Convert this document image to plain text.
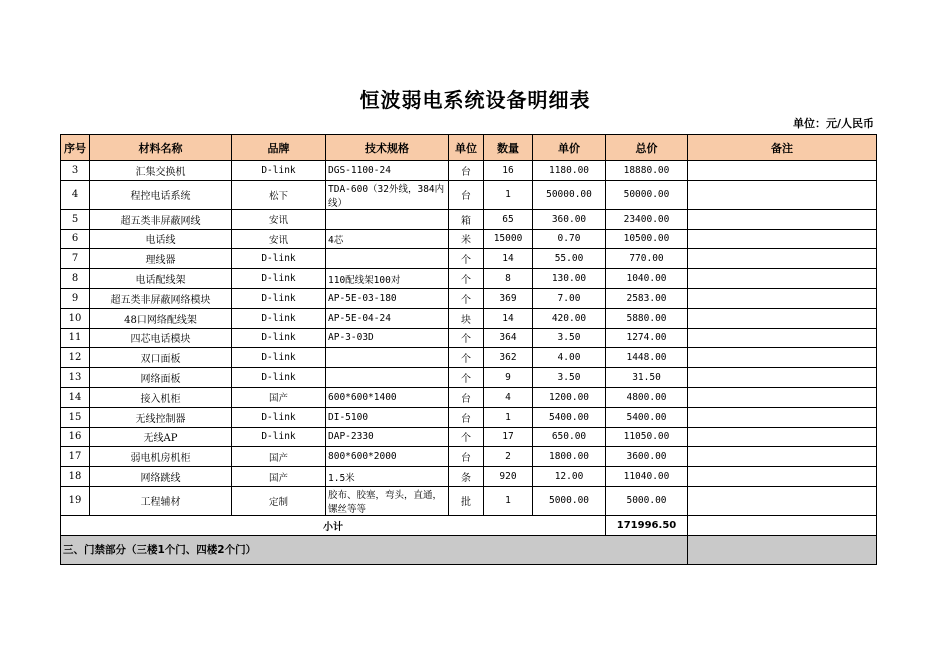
恒波弱电系统设备明细表
单位：元/人民币
序号	材料名称	品牌	技术规格	单位	数量	单价	总价	备注
3	汇集交换机	D-link	DGS-1100-24	台	16	1180.00	18880.00	
4	程控电话系统	松下	TDA-600（32外线，384内线）	台	1	50000.00	50000.00	
5	超五类非屏蔽网线	安讯		箱	65	360.00	23400.00	
6	电话线	安讯	4芯	米	15000	0.70	10500.00	
7	理线器	D-link		个	14	55.00	770.00	
8	电话配线架	D-link	110配线架100对	个	8	130.00	1040.00	
9	超五类非屏蔽网络模块	D-link	AP-5E-03-180	个	369	7.00	2583.00	
10	48口网络配线架	D-link	AP-5E-04-24	块	14	420.00	5880.00	
11	四芯电话模块	D-link	AP-3-03D	个	364	3.50	1274.00	
12	双口面板	D-link		个	362	4.00	1448.00	
13	网络面板	D-link		个	9	3.50	31.50	
14	接入机柜	国产	600*600*1400	台	4	1200.00	4800.00	
15	无线控制器	D-link	DI-5100	台	1	5400.00	5400.00	
16	无线AP	D-link	DAP-2330	个	17	650.00	11050.00	
17	弱电机房机柜	国产	800*600*2000	台	2	1800.00	3600.00	
18	网络跳线	国产	1.5米	条	920	12.00	11040.00	
19	工程辅材	定制	胶布、胶塞，弯头，直通，镙丝等等	批	1	5000.00	5000.00	
小计							171996.50	
三、门禁部分（三楼1个门、四楼2个门）								
